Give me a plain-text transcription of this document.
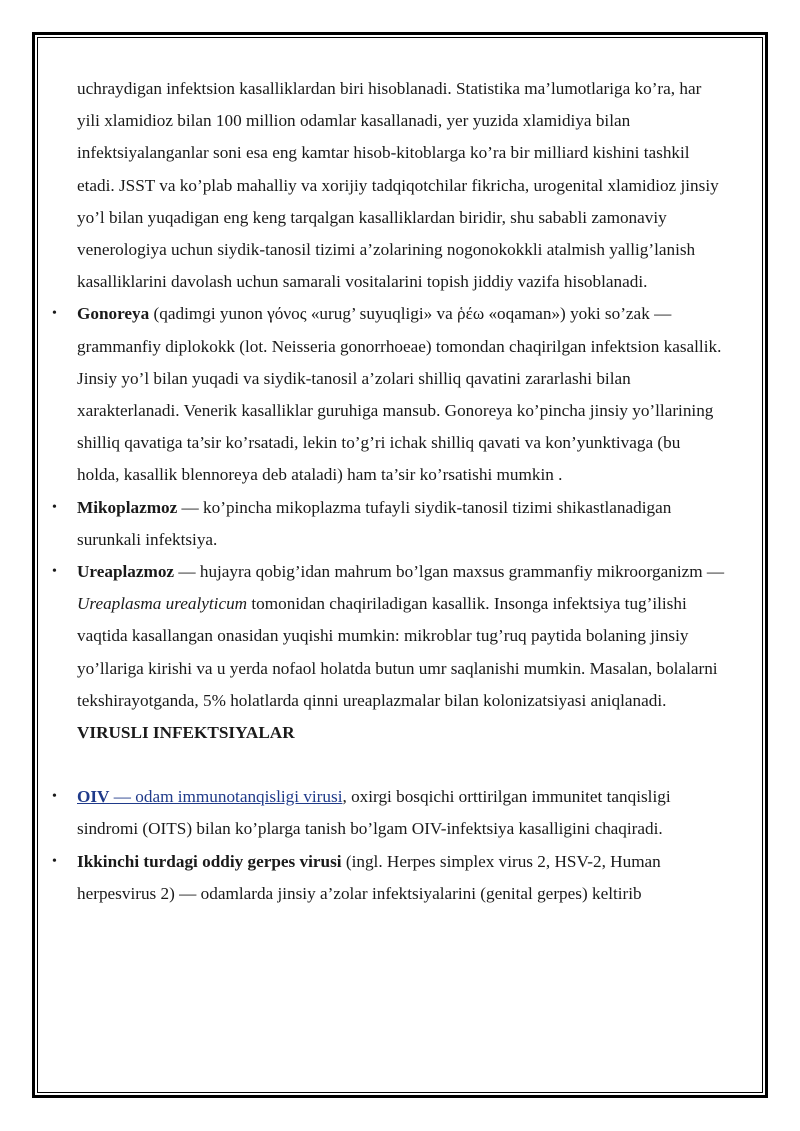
uchraydigan infektsion kasalliklardan biri hisoblanadi. Statistika ma’lumotlariga ko’ra, har yili xlamidioz bilan 100 million odamlar kasallanadi, yer yuzida xlamidiya bilan infektsiyalanganlar soni esa eng kamtar hisob-kitoblarga ko’ra bir milliard kishini tashkil etadi. JSST va ko’plab mahalliy va xorijiy tadqiqotchilar fikricha, urogenital xlamidioz jinsiy yo’l bilan yuqadigan eng keng tarqalgan kasalliklardan biridir, shu sababli zamonaviy venerologiya uchun siydik-tanosil tizimi a’zolarining nogonokokkli atalmish yallig’lanish kasalliklarini davolash uchun samarali vositalarini topish jiddiy vazifa hisoblanadi.

• Gonoreya (qadimgi yunon γόνος «urug’ suyuqligi» va ῥέω «oqaman») yoki so’zak — grammanfiy diplokokk (lot. Neisseria gonorrhoeae) tomondan chaqirilgan infektsion kasallik. Jinsiy yo’l bilan yuqadi va siydik-tanosil a’zolari shilliq qavatini zararlashi bilan xarakterlanadi. Venerik kasalliklar guruhiga mansub. Gonoreya ko’pincha jinsiy yo’llarining shilliq qavatiga ta’sir ko’rsatadi, lekin to’g’ri ichak shilliq qavati va kon’yunktivaga (bu holda, kasallik blennoreya deb ataladi) ham ta’sir ko’rsatishi mumkin .

• Mikoplazmoz — ko’pincha mikoplazma tufayli siydik-tanosil tizimi shikastlanadigan surunkali infektsiya.

• Ureaplazmoz — hujayra qobig’idan mahrum bo’lgan maxsus grammanfiy mikroorganizm — Ureaplasma urealyticum tomonidan chaqiriladigan kasallik. Insonga infektsiya tug’ilishi vaqtida kasallangan onasidan yuqishi mumkin: mikroblar tug’ruq paytida bolaning jinsiy yo’llariga kirishi va u yerda nofaol holatda butun umr saqlanishi mumkin. Masalan, bolalarni tekshirayotganda, 5% holatlarda qinni ureaplazmalar bilan kolonizatsiyasi aniqlanadi.

VIRUSLI INFEKTSIYALAR

• OIV — odam immunotanqisligi virusi, oxirgi bosqichi orttirilgan immunitet tanqisligi sindromi (OITS) bilan ko’plarga tanish bo’lgam OIV-infektsiya kasalligini chaqiradi.

• Ikkinchi turdagi oddiy gerpes virusi (ingl. Herpes simplex virus 2, HSV-2, Human herpesvirus 2) — odamlarda jinsiy a’zolar infektsiyalarini (genital gerpes) keltirib
